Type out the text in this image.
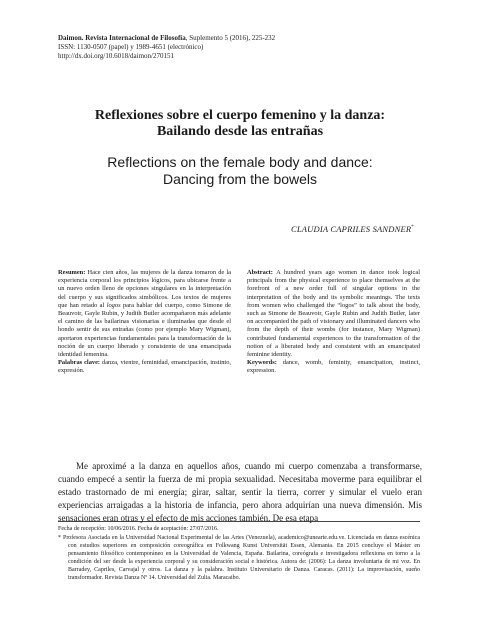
Daimon. Revista Internacional de Filosofía, Suplemento 5 (2016), 225-232
ISSN: 1130-0507 (papel) y 1989-4651 (electrónico)
http://dx.doi.org/10.6018/daimon/270151
Reflexiones sobre el cuerpo femenino y la danza:
Bailando desde las entrañas
Reflections on the female body and dance:
Dancing from the bowels
CLAUDIA CAPRILES SANDNER*

Resumen: Hace cien años, las mujeres de la danza tomaron de la experiencia corporal los principios lógicos, para ubicarse frente a un nuevo orden lleno de opciones singulares en la interpretación del cuerpo y sus significados simbólicos. Los textos de mujeres que han retado al logos para hablar del cuerpo, como Simone de Beauvoir, Gayle Rubin, y Judith Butler acompañaron más adelante el camino de las bailarinas visionarias e iluminadas que desde el hondo sentir de sus entrañas (como por ejemplo Mary Wigman), aportaron experiencias fundamentales para la transformación de la noción de un cuerpo liberado y consistente de una emancipada identidad femenina.

Palabras clave: danza, vientre, feminidad, emancipación, instinto, expresión.

Abstract: A hundred years ago women in dance took logical principals from the physical experience to place themselves at the forefront of a new order full of singular options in the interpretation of the body and its symbolic meanings. The texts from women who challenged the “logos” to talk about the body, such as Simone de Beauvoir, Gayle Rubin and Judith Butler, later on accompanied the path of visionary and illuminated dancers who from the depth of their wombs (for instance, Mary Wigman) contributed fundamental experiences to the transformation of the notion of a liberated body and consistent with an emancipated feminine identity.

Keywords: dance, womb, feminity, emancipation, instinct, expression.

Me aproximé a la danza en aquellos años, cuando mi cuerpo comenzaba a transformarse, cuando empecé a sentir la fuerza de mi propia sexualidad. Necesitaba moverme para equilibrar el estado trastornado de mi energía; girar, saltar, sentir la tierra, correr y simular el vuelo eran experiencias arraigadas a la historia de infancia, pero ahora adquirían una nueva dimensión. Mis sensaciones eran otras y el efecto de mis acciones también. De esa etapa

Fecha de recepción: 10/06/2016. Fecha de aceptación: 27/07/2016.

* Profesora Asociada en la Universidad Nacional Experimental de las Artes (Venezuela), academico@unearte.edu.ve. Licenciada en danza escénica con estudios superiores en composición coreográfica en Folkwang Kunst Universität Essen, Alemania. En 2015 concluye el Máster en pensamiento filosófico contemporáneo en la Universidad de Valencia, España. Bailarina, coreógrafa e investigadora reflexiona en torno a la condición del ser desde la experiencia corporal y su consideración social e histórica. Autora de: (2006): La danza involuntaria de mi voz. En Barradey, Capriles, Carvajal y otros. La danza y la palabra. Instituto Universitario de Danza. Caracas. (2011): La improvisación, sueño transformador. Revista Danza Nº 14. Universidad del Zulia. Maracaibo.
